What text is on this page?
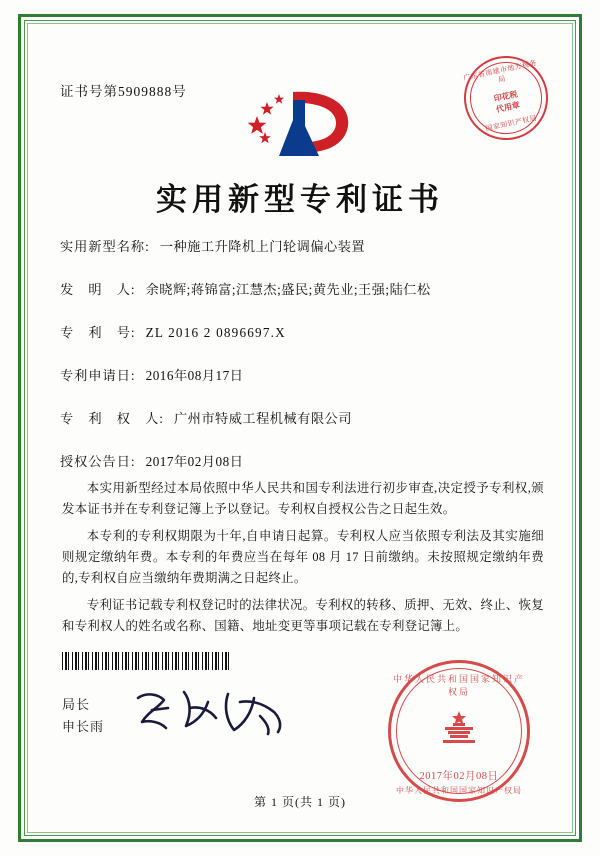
证书号第5909888号
广东省南雄市地方税务局
印花税
代用章
国家知识产权局
实用新型专利证书
实用新型名称: 一种施工升降机上门轮调偏心装置
发　明　人: 余晓辉;蒋锦富;江慧杰;盛民;黄先业;王强;陆仁松
专　利　号: ZL 2016 2 0896697.X
专利申请日: 2016年08月17日
专　利　权　人: 广州市特威工程机械有限公司
授权公告日: 2017年02月08日

本实用新型经过本局依照中华人民共和国专利法进行初步审查,决定授予专利权,颁发本证书并在专利登记簿上予以登记。专利权自授权公告之日起生效。

本专利的专利权期限为十年,自申请日起算。专利权人应当依照专利法及其实施细则规定缴纳年费。本专利的年费应当在每年 08 月 17 日前缴纳。未按照规定缴纳年费的,专利权自应当缴纳年费期满之日起终止。

专利证书记载专利权登记时的法律状况。专利权的转移、质押、无效、终止、恢复和专利权人的姓名或名称、国籍、地址变更等事项记载在专利登记簿上。

局长
申长雨
中华人民共和国国家知识产权局
2017年02月08日
中华人民共和国国家知识产权局
第 1 页(共 1 页)
